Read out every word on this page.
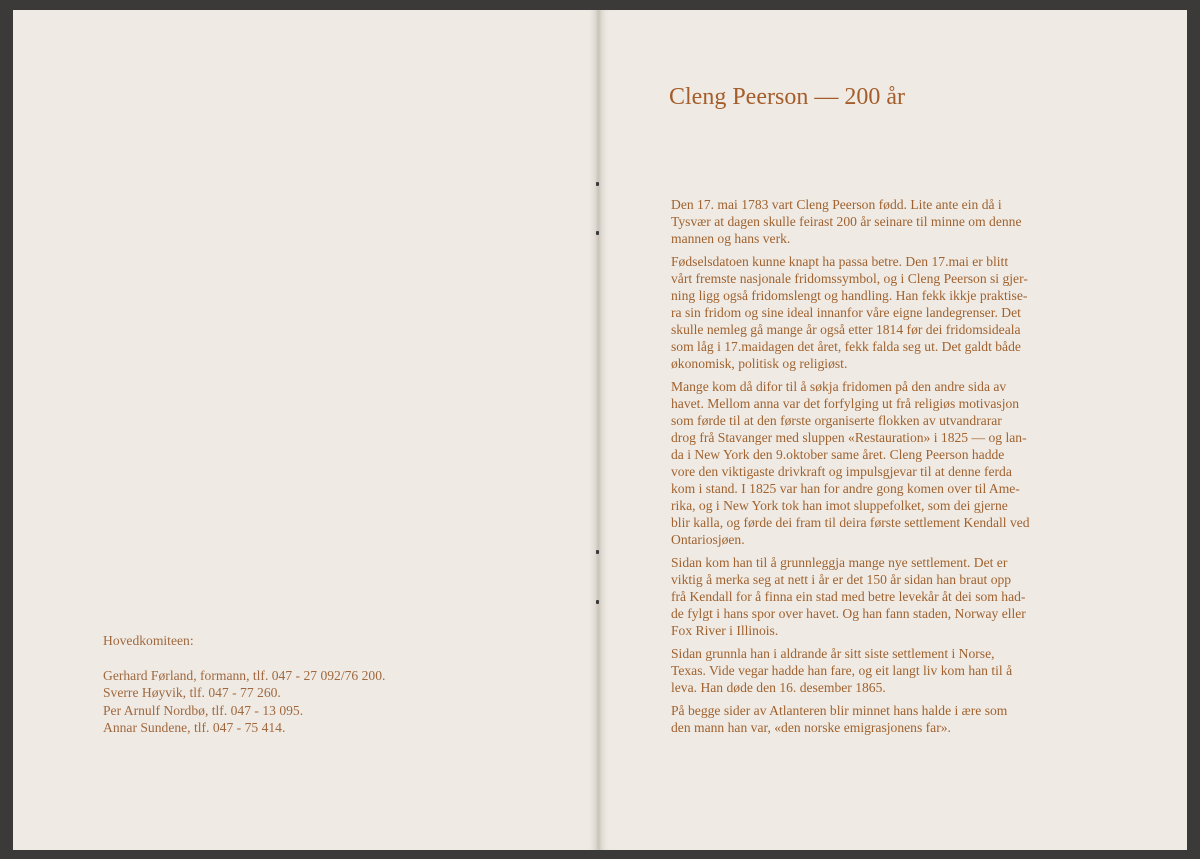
Hovedkomiteen:
Gerhard Førland, formann, tlf. 047 - 27 092/76 200.
Sverre Høyvik, tlf. 047 - 77 260.
Per Arnulf Nordbø, tlf. 047 - 13 095.
Annar Sundene, tlf. 047 - 75 414.
Cleng Peerson — 200 år

Den 17. mai 1783 vart Cleng Peerson fødd. Lite ante ein då i
Tysvær at dagen skulle feirast 200 år seinare til minne om denne
mannen og hans verk.

Fødselsdatoen kunne knapt ha passa betre. Den 17.mai er blitt
vårt fremste nasjonale fridomssymbol, og i Cleng Peerson si gjer-
ning ligg også fridomslengt og handling. Han fekk ikkje praktise-
ra sin fridom og sine ideal innanfor våre eigne landegrenser. Det
skulle nemleg gå mange år også etter 1814 før dei fridomsideala
som låg i 17.maidagen det året, fekk falda seg ut. Det galdt både
økonomisk, politisk og religiøst.

Mange kom då difor til å søkja fridomen på den andre sida av
havet. Mellom anna var det forfylging ut frå religiøs motivasjon
som førde til at den første organiserte flokken av utvandrarar
drog frå Stavanger med sluppen «Restauration» i 1825 — og lan-
da i New York den 9.oktober same året. Cleng Peerson hadde
vore den viktigaste drivkraft og impulsgjevar til at denne ferda
kom i stand. I 1825 var han for andre gong komen over til Ame-
rika, og i New York tok han imot sluppefolket, som dei gjerne
blir kalla, og førde dei fram til deira første settlement Kendall ved
Ontariosjøen.

Sidan kom han til å grunnleggja mange nye settlement. Det er
viktig å merka seg at nett i år er det 150 år sidan han braut opp
frå Kendall for å finna ein stad med betre levekår åt dei som had-
de fylgt i hans spor over havet. Og han fann staden, Norway eller
Fox River i Illinois.

Sidan grunnla han i aldrande år sitt siste settlement i Norse,
Texas. Vide vegar hadde han fare, og eit langt liv kom han til å
leva. Han døde den 16. desember 1865.

På begge sider av Atlanteren blir minnet hans halde i ære som
den mann han var, «den norske emigrasjonens far».
